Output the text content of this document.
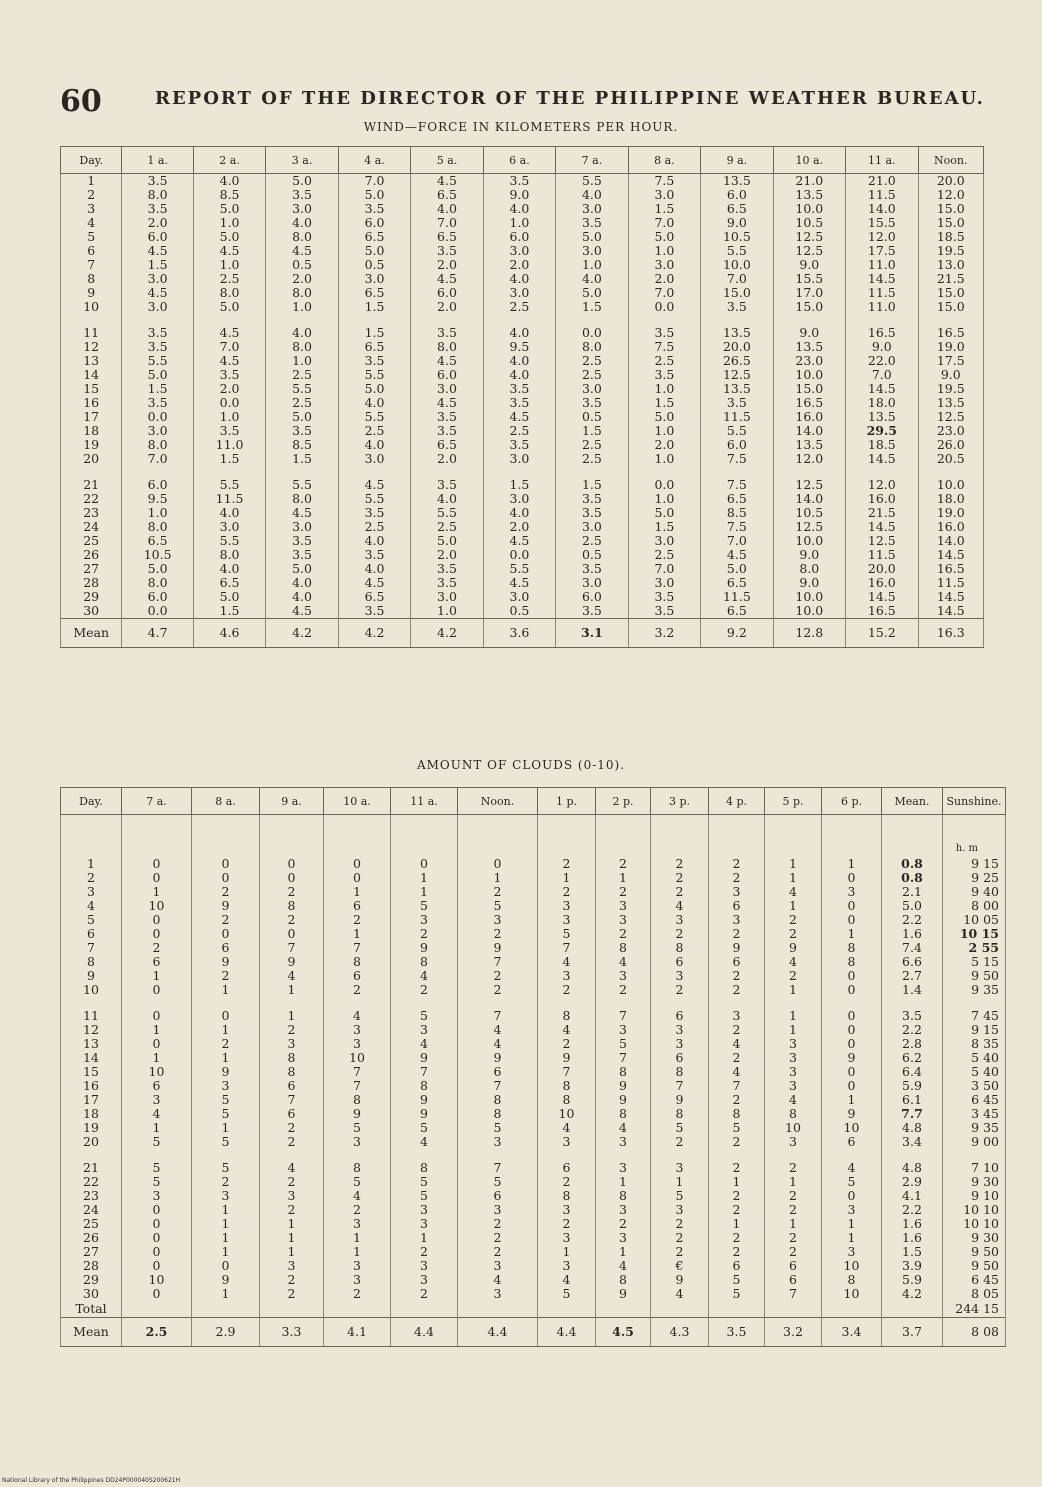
60	REPORT OF THE DIRECTOR OF THE PHILIPPINE WEATHER BUREAU.
WIND—FORCE IN KILOMETERS PER HOUR.
Day.	1 a.	2 a.	3 a.	4 a.	5 a.	6 a.	7 a.	8 a.	9 a.	10 a.	11 a.	Noon.
1	3.5	4.0	5.0	7.0	4.5	3.5	5.5	7.5	13.5	21.0	21.0	20.0
2	8.0	8.5	3.5	5.0	6.5	9.0	4.0	3.0	6.0	13.5	11.5	12.0
3	3.5	5.0	3.0	3.5	4.0	4.0	3.0	1.5	6.5	10.0	14.0	15.0
4	2.0	1.0	4.0	6.0	7.0	1.0	3.5	7.0	9.0	10.5	15.5	15.0
5	6.0	5.0	8.0	6.5	6.5	6.0	5.0	5.0	10.5	12.5	12.0	18.5
6	4.5	4.5	4.5	5.0	3.5	3.0	3.0	1.0	5.5	12.5	17.5	19.5
7	1.5	1.0	0.5	0.5	2.0	2.0	1.0	3.0	10.0	9.0	11.0	13.0
8	3.0	2.5	2.0	3.0	4.5	4.0	4.0	2.0	7.0	15.5	14.5	21.5
9	4.5	8.0	8.0	6.5	6.0	3.0	5.0	7.0	15.0	17.0	11.5	15.0
10	3.0	5.0	1.0	1.5	2.0	2.5	1.5	0.0	3.5	15.0	11.0	15.0

11	3.5	4.5	4.0	1.5	3.5	4.0	0.0	3.5	13.5	9.0	16.5	16.5
12	3.5	7.0	8.0	6.5	8.0	9.5	8.0	7.5	20.0	13.5	9.0	19.0
13	5.5	4.5	1.0	3.5	4.5	4.0	2.5	2.5	26.5	23.0	22.0	17.5
14	5.0	3.5	2.5	5.5	6.0	4.0	2.5	3.5	12.5	10.0	7.0	9.0
15	1.5	2.0	5.5	5.0	3.0	3.5	3.0	1.0	13.5	15.0	14.5	19.5
16	3.5	0.0	2.5	4.0	4.5	3.5	3.5	1.5	3.5	16.5	18.0	13.5
17	0.0	1.0	5.0	5.5	3.5	4.5	0.5	5.0	11.5	16.0	13.5	12.5
18	3.0	3.5	3.5	2.5	3.5	2.5	1.5	1.0	5.5	14.0	29.5	23.0
19	8.0	11.0	8.5	4.0	6.5	3.5	2.5	2.0	6.0	13.5	18.5	26.0
20	7.0	1.5	1.5	3.0	2.0	3.0	2.5	1.0	7.5	12.0	14.5	20.5

21	6.0	5.5	5.5	4.5	3.5	1.5	1.5	0.0	7.5	12.5	12.0	10.0
22	9.5	11.5	8.0	5.5	4.0	3.0	3.5	1.0	6.5	14.0	16.0	18.0
23	1.0	4.0	4.5	3.5	5.5	4.0	3.5	5.0	8.5	10.5	21.5	19.0
24	8.0	3.0	3.0	2.5	2.5	2.0	3.0	1.5	7.5	12.5	14.5	16.0
25	6.5	5.5	3.5	4.0	5.0	4.5	2.5	3.0	7.0	10.0	12.5	14.0
26	10.5	8.0	3.5	3.5	2.0	0.0	0.5	2.5	4.5	9.0	11.5	14.5
27	5.0	4.0	5.0	4.0	3.5	5.5	3.5	7.0	5.0	8.0	20.0	16.5
28	8.0	6.5	4.0	4.5	3.5	4.5	3.0	3.0	6.5	9.0	16.0	11.5
29	6.0	5.0	4.0	6.5	3.0	3.0	6.0	3.5	11.5	10.0	14.5	14.5
30	0.0	1.5	4.5	3.5	1.0	0.5	3.5	3.5	6.5	10.0	16.5	14.5
Mean	4.7	4.6	4.2	4.2	4.2	3.6	3.1	3.2	9.2	12.8	15.2	16.3
AMOUNT OF CLOUDS (0-10).
Day.	7 a.	8 a.	9 a.	10 a.	11 a.	Noon.	1 p.	2 p.	3 p.	4 p.	5 p.	6 p.	Mean.	Sunshine.
1	0	0	0	0	0	0	2	2	2	2	1	1	0.8	9 15
2	0	0	0	0	1	1	1	1	2	2	1	0	0.8	9 25
3	1	2	2	1	1	2	2	2	2	3	4	3	2.1	9 40
4	10	9	8	6	5	5	3	3	4	6	1	0	5.0	8 00
5	0	2	2	2	3	3	3	3	3	3	2	0	2.2	10 05
6	0	0	0	1	2	2	5	2	2	2	2	1	1.6	10 15
7	2	6	7	7	9	9	7	8	8	9	9	8	7.4	2 55
8	6	9	9	8	8	7	4	4	6	6	4	8	6.6	5 15
9	1	2	4	6	4	2	3	3	3	2	2	0	2.7	9 50
10	0	1	1	2	2	2	2	2	2	2	1	0	1.4	9 35

11	0	0	1	4	5	7	8	7	6	3	1	0	3.5	7 45
12	1	1	2	3	3	4	4	3	3	2	1	0	2.2	9 15
13	0	2	3	3	4	4	2	5	3	4	3	0	2.8	8 35
14	1	1	8	10	9	9	9	7	6	2	3	9	6.2	5 40
15	10	9	8	7	7	6	7	8	8	4	3	0	6.4	5 40
16	6	3	6	7	8	7	8	9	7	7	3	0	5.9	3 50
17	3	5	7	8	9	8	8	9	9	2	4	1	6.1	6 45
18	4	5	6	9	9	8	10	8	8	8	8	9	7.7	3 45
19	1	1	2	5	5	5	4	4	5	5	10	10	4.8	9 35
20	5	5	2	3	4	3	3	3	2	2	3	6	3.4	9 00

21	5	5	4	8	8	7	6	3	3	2	2	4	4.8	7 10
22	5	2	2	5	5	5	2	1	1	1	1	5	2.9	9 30
23	3	3	3	4	5	6	8	8	5	2	2	0	4.1	9 10
24	0	1	2	2	3	3	3	3	3	2	2	3	2.2	10 10
25	0	1	1	3	3	2	2	2	2	1	1	1	1.6	10 10
26	0	1	1	1	1	2	3	3	2	2	2	1	1.6	9 30
27	0	1	1	1	2	2	1	1	2	2	2	3	1.5	9 50
28	0	0	3	3	3	3	3	4	€	6	6	10	3.9	9 50
29	10	9	2	3	3	4	4	8	9	5	6	8	5.9	6 45
30	0	1	2	2	2	3	5	9	4	5	7	10	4.2	8 05
Total														244 15
Mean	2.5	2.9	3.3	4.1	4.4	4.4	4.4	4.5	4.3	3.5	3.2	3.4	3.7	8 08
h. m
National Library of the Philippines DD24P000040S200621H
